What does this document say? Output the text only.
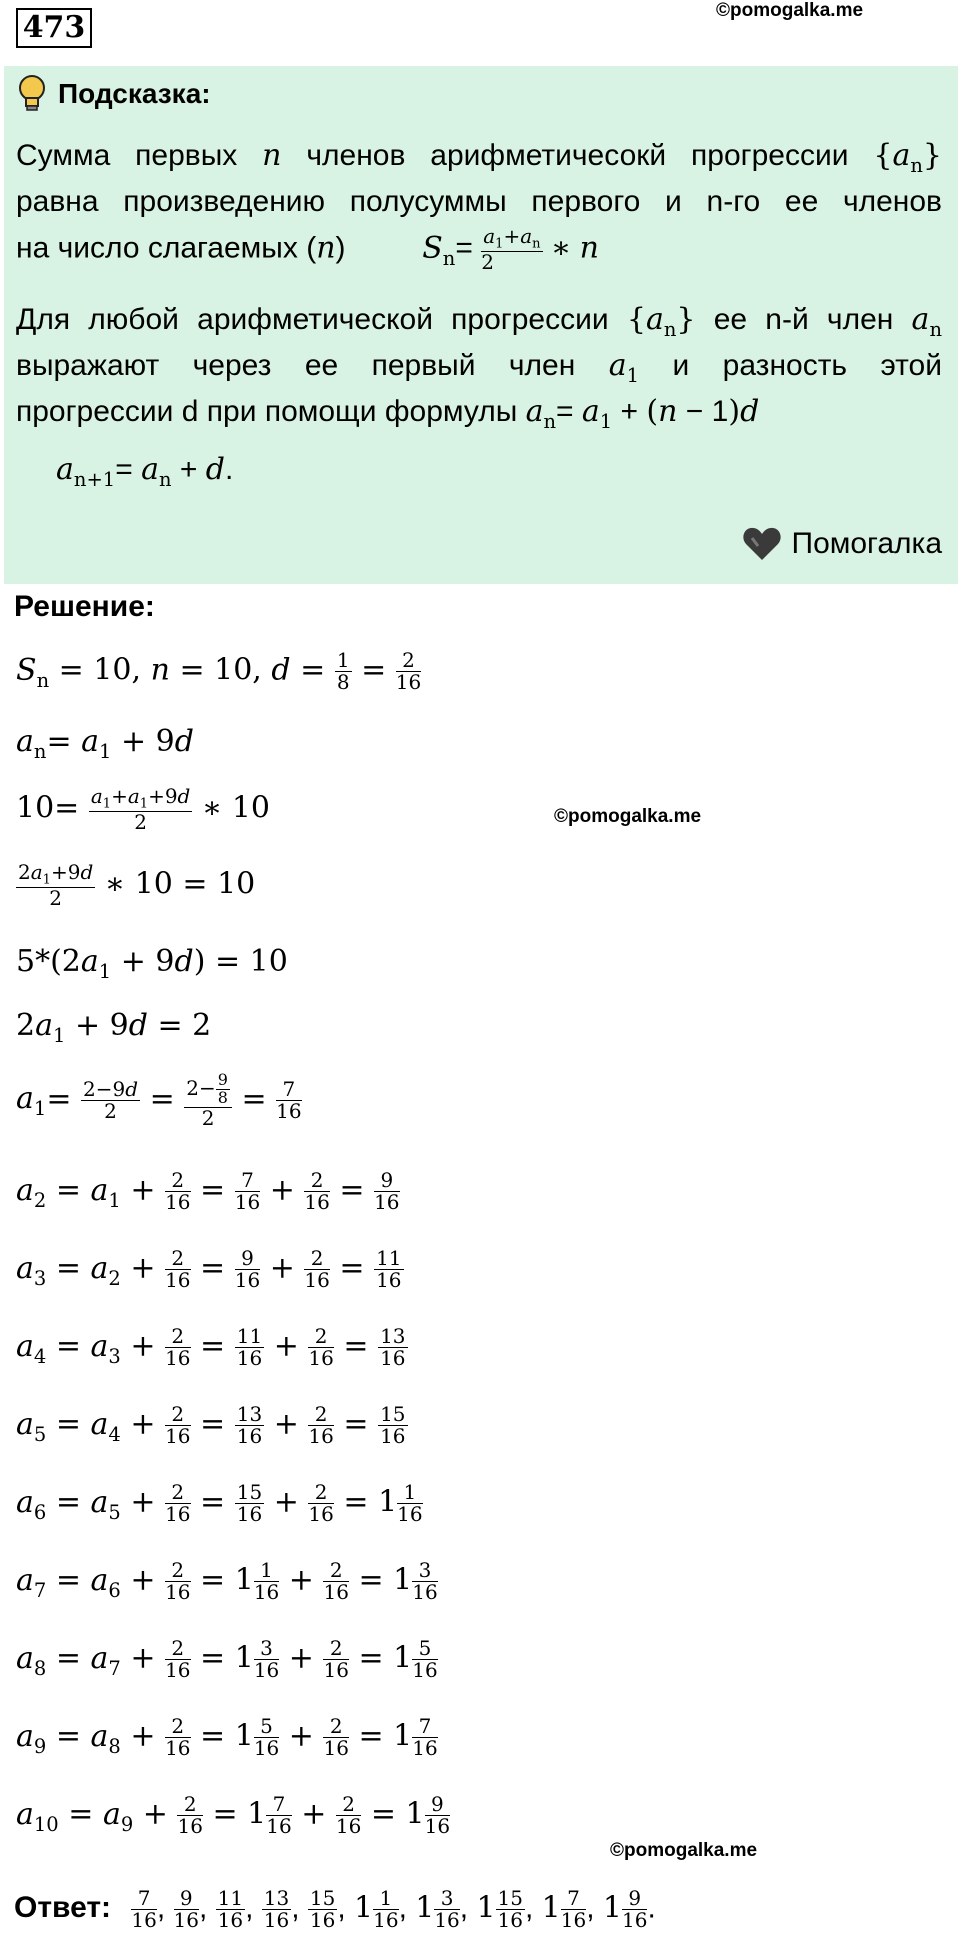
473	©pomogalka.me
Подсказка:
Сумма первых n членов арифметичесокй прогрессии $\{a_n\}$
равна произведению полусуммы первого и n-го ее членов
на число слагаемых (n)	$S_n= \frac{a_1+a_n}{2}$ ∗ n
Для любой арифметической прогрессии $\{a_n\}$ ее n-й член $a_n$
выражают через ее первый член $a_1$ и разность этой
прогрессии d при помощи формулы $a_n= a_1 + (n - 1)d$
$a_{n+1}= a_n + d$.
Помогалка
Решение:
$S_n = 10$, n = 10, $d = \frac{1}{8} = \frac{2}{16}$
$a_n= a_1 + 9d$
$10= \frac{a_1+a_1+9d}{2}$ ∗ 10	©pomogalka.me
$\frac{2a_1+9d}{2}$ ∗ 10 = 10
$5*(2a_1 + 9d) = 10$
$2a_1 + 9d = 2$
$a_1= \frac{2-9d}{2} = \frac{2- \frac{9}{8}}{2} = \frac{7}{16}$
$a_2 = a_1 + \frac{2}{16} = \frac{7}{16} + \frac{2}{16} = \frac{9}{16}$
$a_3 = a_2 + \frac{2}{16} = \frac{9}{16} + \frac{2}{16} = \frac{11}{16}$
$a_4 = a_3 + \frac{2}{16} = \frac{11}{16} + \frac{2}{16} = \frac{13}{16}$
$a_5 = a_4 + \frac{2}{16} = \frac{13}{16} + \frac{2}{16} = \frac{15}{16}$
$a_6 = a_5 + \frac{2}{16} = \frac{15}{16} + \frac{2}{16} = 1 \frac{1}{16}$
$a_7 = a_6 + \frac{2}{16} = 1 \frac{1}{16} + \frac{2}{16} = 1 \frac{3}{16}$
$a_8 = a_7 + \frac{2}{16} = 1 \frac{3}{16} + \frac{2}{16} = 1 \frac{5}{16}$
$a_9 = a_8 + \frac{2}{16} = 1 \frac{5}{16} + \frac{2}{16} = 1 \frac{7}{16}$
$a_{10} = a_9 + \frac{2}{16} = 1 \frac{7}{16} + \frac{2}{16} = 1 \frac{9}{16}$
©pomogalka.me
Ответ: $\frac{7}{16}$ , $\frac{9}{16}$ , $\frac{11}{16}$ , $\frac{13}{16}$ , $\frac{15}{16}$ , $1 \frac{1}{16}$ , $1 \frac{3}{16}$ , $1 \frac{15}{16}$ , $1 \frac{7}{16}$ , $1 \frac{9}{16}$ .
